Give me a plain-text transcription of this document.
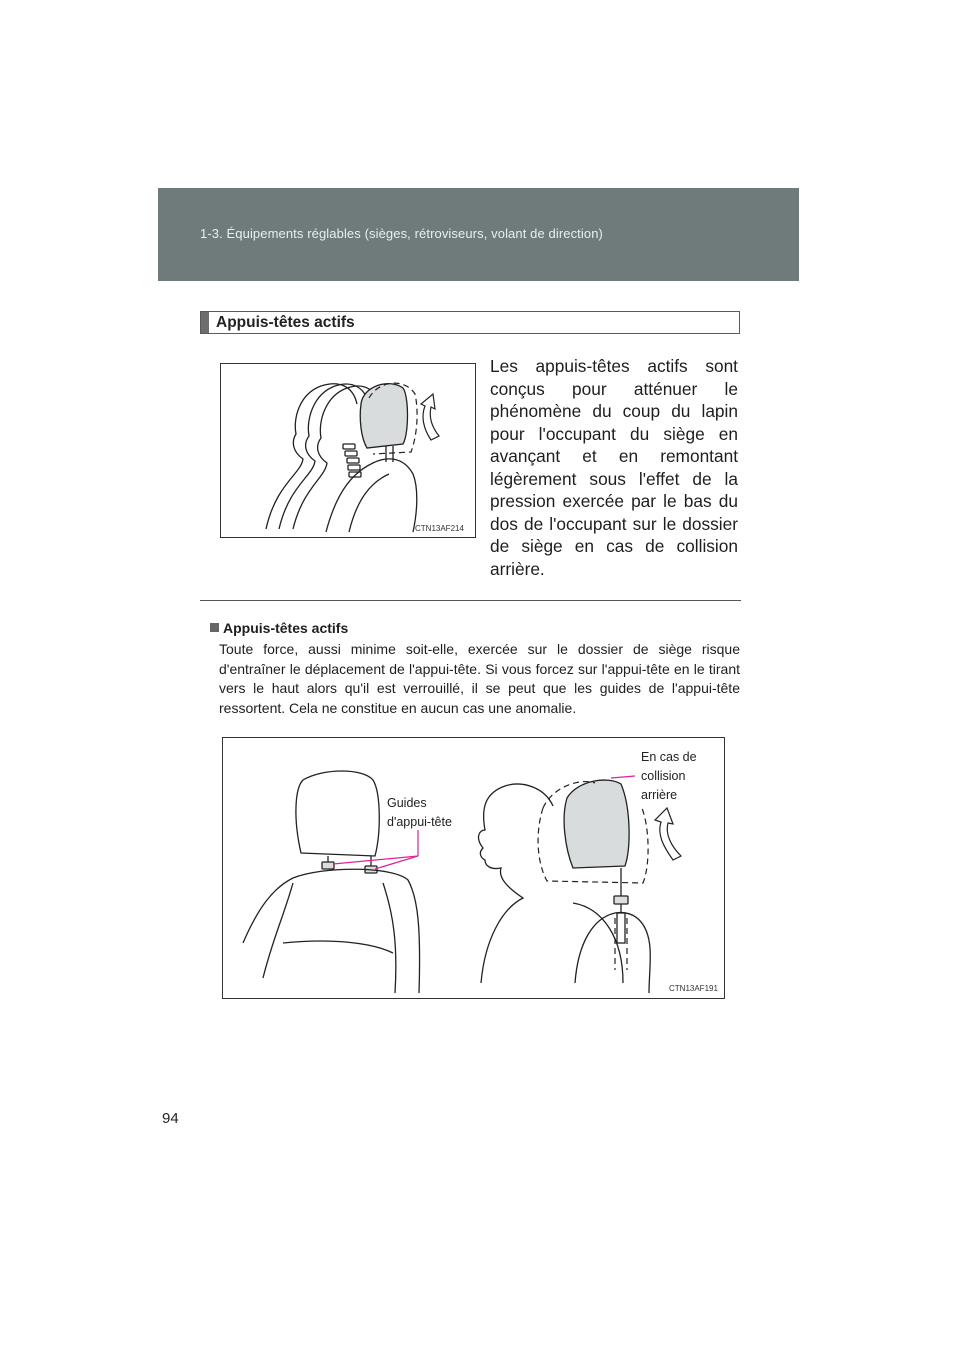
1-3. Équipements réglables (sièges, rétroviseurs, volant de direction)
Appuis-têtes actifs
CTN13AF214
Les appuis-têtes actifs sont conçus pour atténuer le phénomène du coup du lapin pour l'occupant du siège en avançant et en remontant légèrement sous l'effet de la pression exercée par le bas du dos de l'occupant sur le dossier de siège en cas de collision arrière.
Appuis-têtes actifs
Toute force, aussi minime soit-elle, exercée sur le dossier de siège risque d'entraîner le déplacement de l'appui-tête. Si vous forcez sur l'appui-tête en le tirant vers le haut alors qu'il est verrouillé, il se peut que les guides de l'appui-tête ressortent. Cela ne constitue en aucun cas une anomalie.
Guides
d'appui-tête
En cas de
collision
arrière
CTN13AF191
94
